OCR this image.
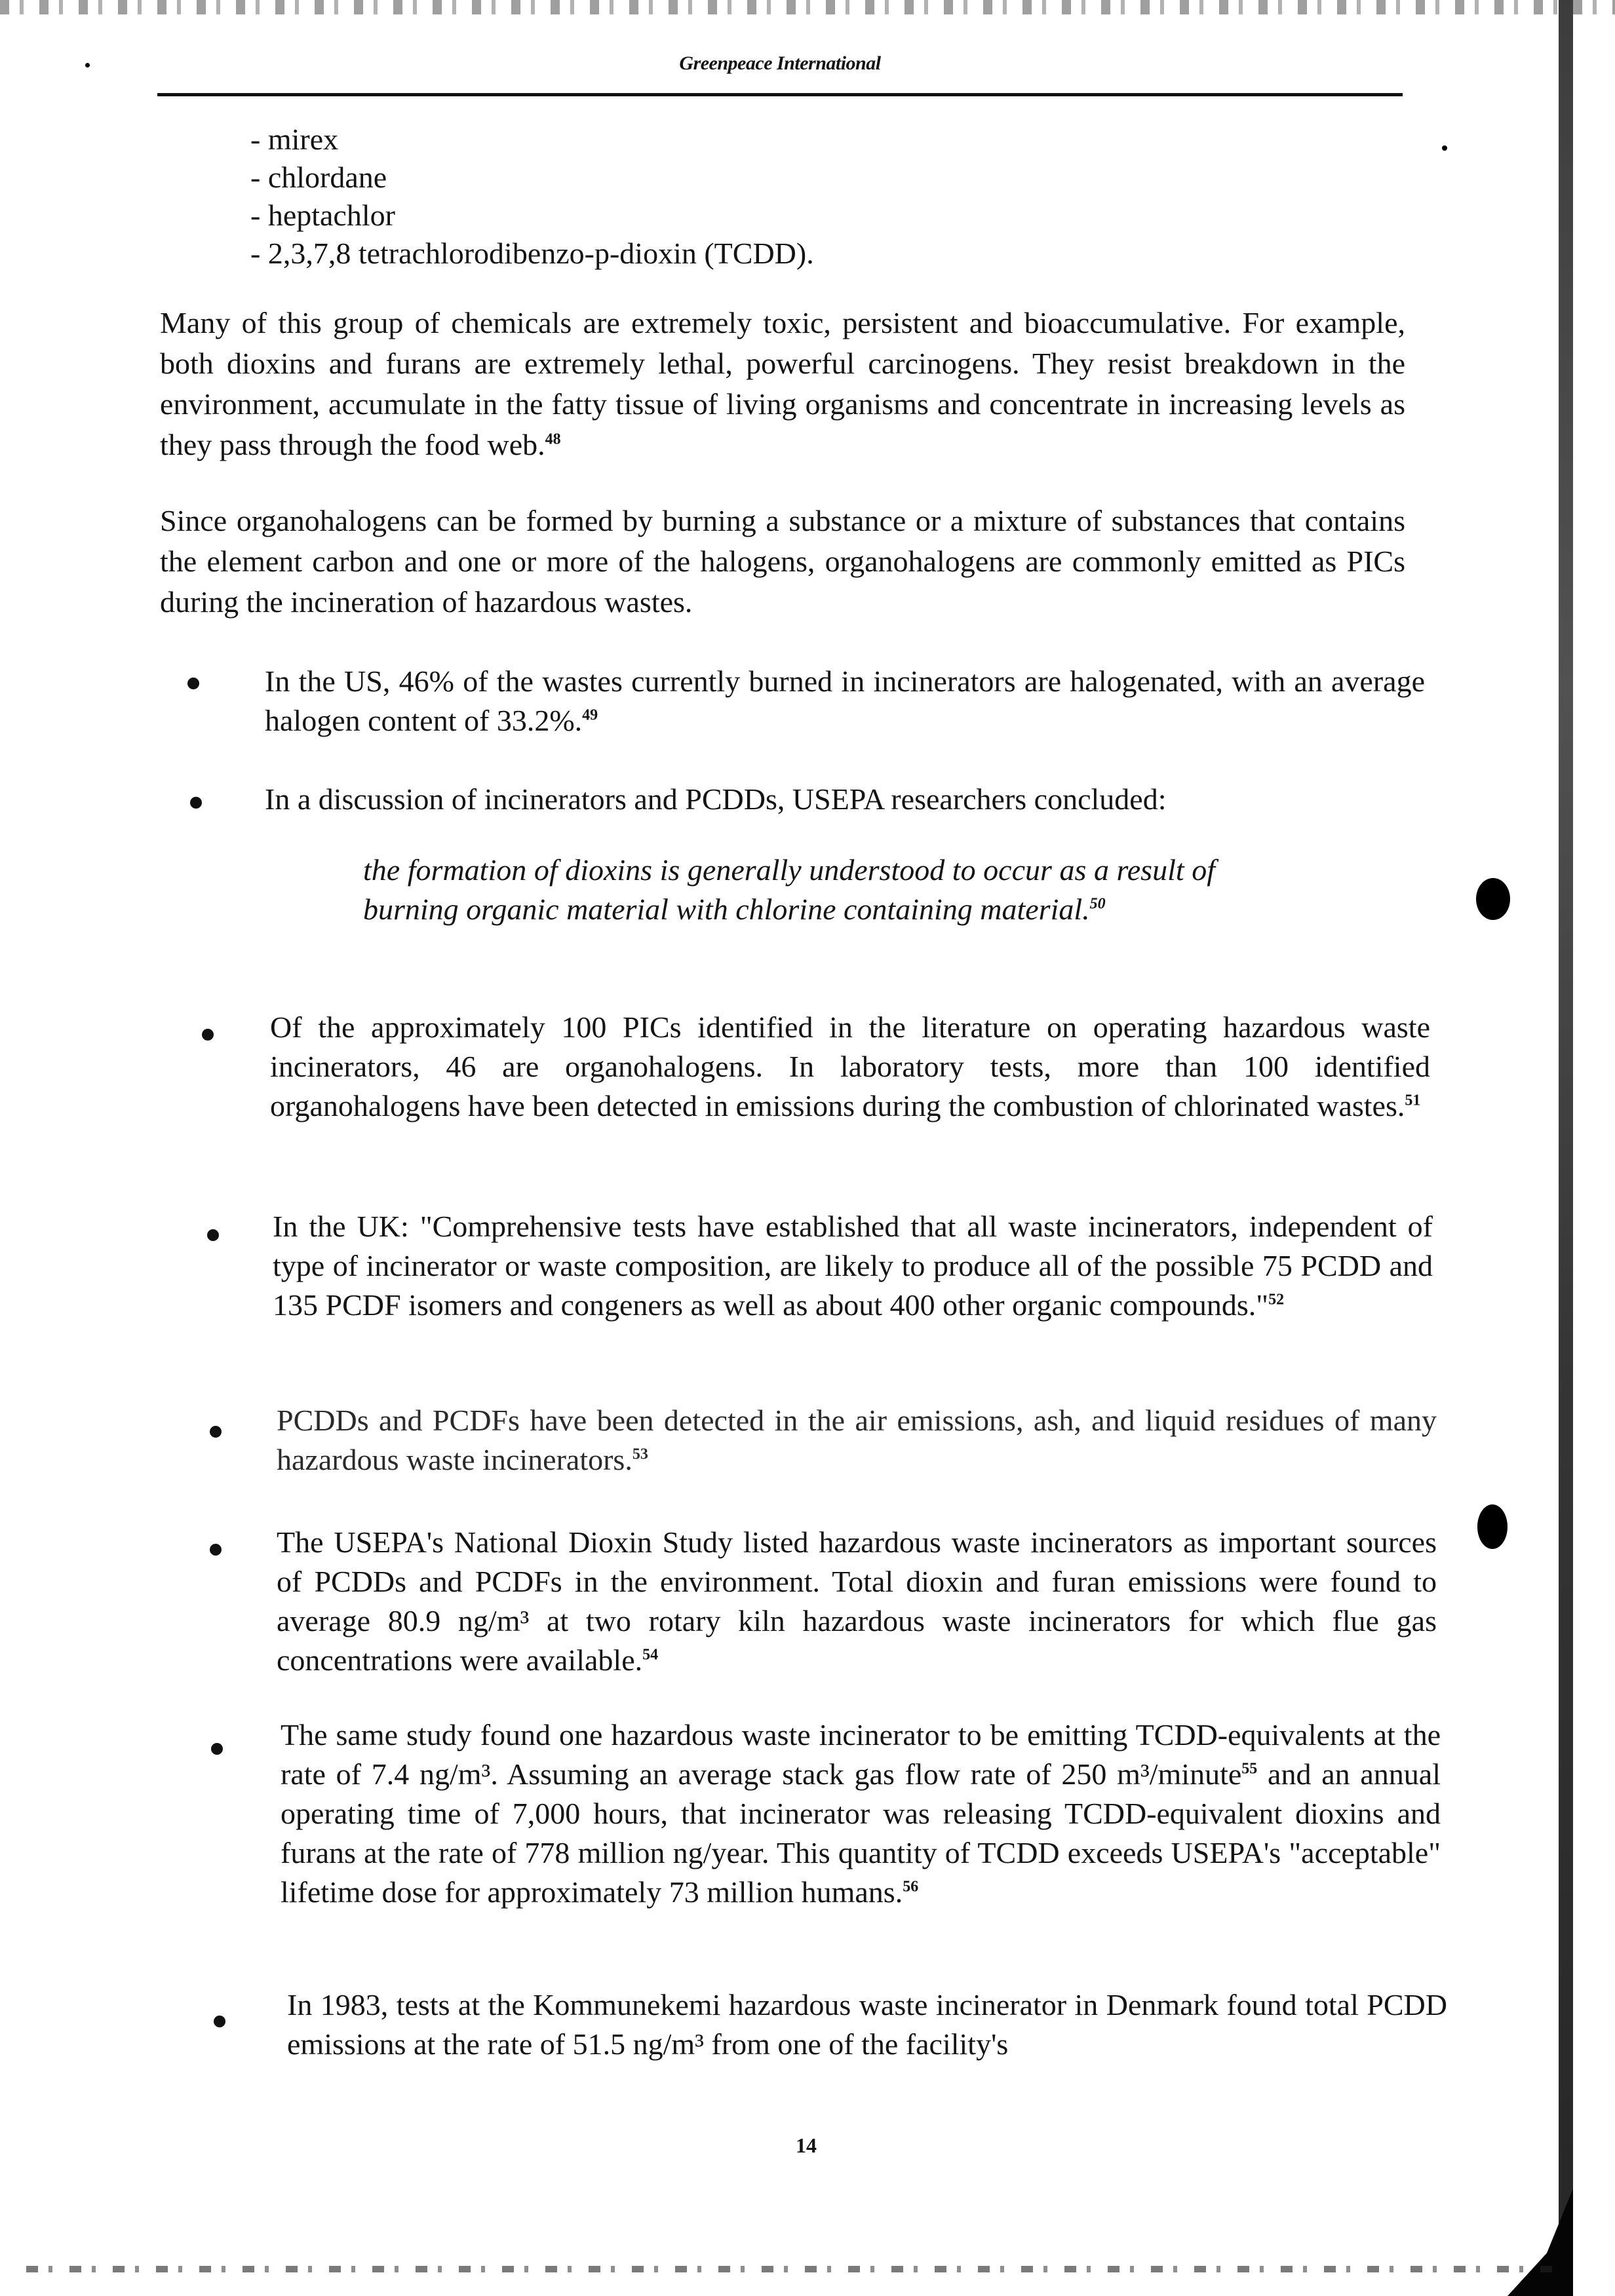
Greenpeace International
- mirex
- chlordane
- heptachlor
- 2,3,7,8 tetrachlorodibenzo-p-dioxin (TCDD).

Many of this group of chemicals are extremely toxic, persistent and bioaccumulative. For example, both dioxins and furans are extremely lethal, powerful carcinogens. They resist breakdown in the environment, accumulate in the fatty tissue of living organisms and concentrate in increasing levels as they pass through the food web.$^{48}$

Since organohalogens can be formed by burning a substance or a mixture of substances that contains the element carbon and one or more of the halogens, organohalogens are commonly emitted as PICs during the incineration of hazardous wastes.

In the US, 46% of the wastes currently burned in incinerators are halogenated, with an average halogen content of 33.2%.$^{49}$

In a discussion of incinerators and PCDDs, USEPA researchers concluded:

the formation of dioxins is generally understood to occur as a result of burning organic material with chlorine containing material.$^{50}$

Of the approximately 100 PICs identified in the literature on operating hazardous waste incinerators, 46 are organohalogens. In laboratory tests, more than 100 identified organohalogens have been detected in emissions during the combustion of chlorinated wastes.$^{51}$

In the UK: "Comprehensive tests have established that all waste incinerators, independent of type of incinerator or waste composition, are likely to produce all of the possible 75 PCDD and 135 PCDF isomers and congeners as well as about 400 other organic compounds."$^{52}$

PCDDs and PCDFs have been detected in the air emissions, ash, and liquid residues of many hazardous waste incinerators.$^{53}$

The USEPA's National Dioxin Study listed hazardous waste incinerators as important sources of PCDDs and PCDFs in the environment. Total dioxin and furan emissions were found to average 80.9 ng/m³ at two rotary kiln hazardous waste incinerators for which flue gas concentrations were available.$^{54}$

The same study found one hazardous waste incinerator to be emitting TCDD-equivalents at the rate of 7.4 ng/m³. Assuming an average stack gas flow rate of 250 m³/minute$^{55}$ and an annual operating time of 7,000 hours, that incinerator was releasing TCDD-equivalent dioxins and furans at the rate of 778 million ng/year. This quantity of TCDD exceeds USEPA's "acceptable" lifetime dose for approximately 73 million humans.$^{56}$

In 1983, tests at the Kommunekemi hazardous waste incinerator in Denmark found total PCDD emissions at the rate of 51.5 ng/m³ from one of the facility's

14
